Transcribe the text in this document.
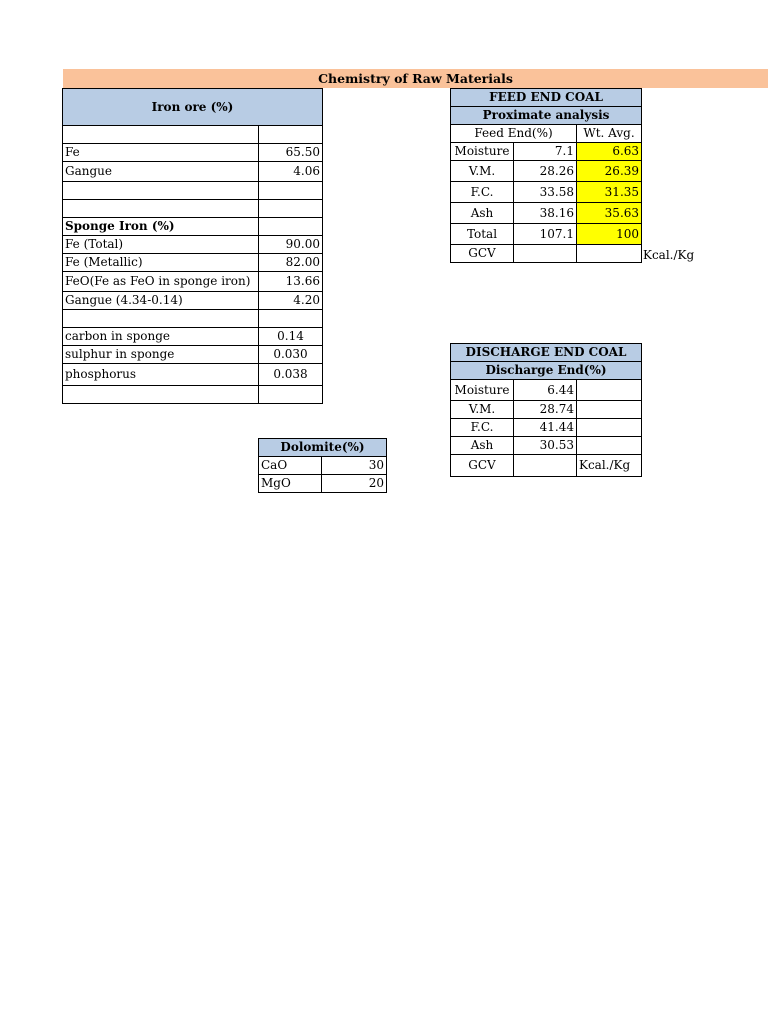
Chemistry of Raw Materials
Iron ore (%)	

Fe	65.50
Gangue	4.06

Sponge Iron (%)	
Fe (Total)	90.00
Fe (Metallic)	82.00
FeO(Fe as FeO in sponge iron)	13.66
Gangue (4.34-0.14)	4.20

carbon in sponge	0.14
sulphur in sponge	0.030
phosphorus	0.038

Dolomite(%)	
CaO	30
MgO	20
FEED END COAL		
Proximate analysis		
Feed End(%)		Wt. Avg.
Moisture	7.1	6.63
V.M.	28.26	26.39
F.C.	33.58	31.35
Ash	38.16	35.63
Total	107.1	100
GCV			Kcal./Kg
DISCHARGE END COAL		
Discharge End(%)		
Moisture	6.44	
V.M.	28.74	
F.C.	41.44	
Ash	30.53	
GCV		Kcal./Kg
